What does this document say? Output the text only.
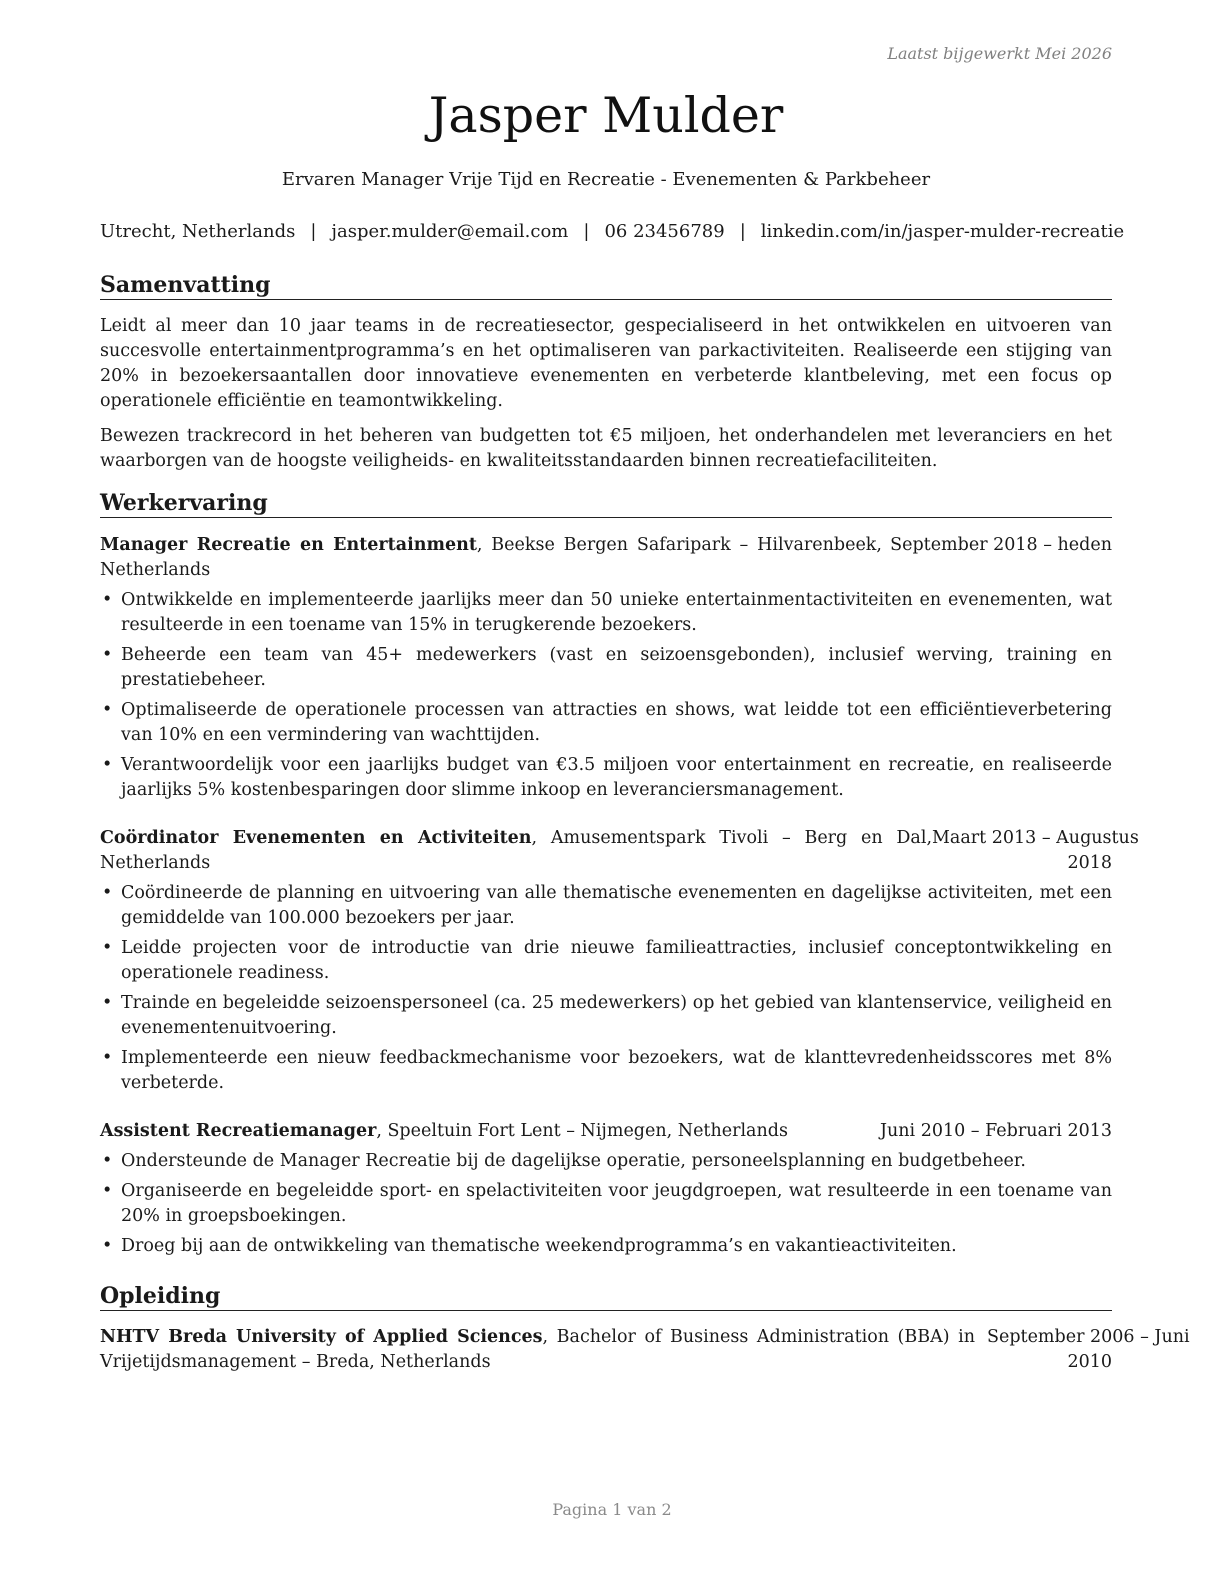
Laatst bijgewerkt Mei 2026
Jasper Mulder
Ervaren Manager Vrije Tijd en Recreatie - Evenementen & Parkbeheer
Utrecht, Netherlands | jasper.mulder@email.com | 06 23456789 | linkedin.com/in/jasper-mulder-recreatie
Samenvatting
Leidt al meer dan 10 jaar teams in de recreatiesector, gespecialiseerd in het ontwikkelen en uitvoeren van succesvolle entertainmentprogramma’s en het optimaliseren van parkactiviteiten. Realiseerde een stijging van 20% in bezoekersaantallen door innovatieve evenementen en verbeterde klantbeleving, met een focus op operationele efficiëntie en teamontwikkeling.
Bewezen trackrecord in het beheren van budgetten tot €5 miljoen, het onderhandelen met leveranciers en het waarborgen van de hoogste veiligheids- en kwaliteitsstandaarden binnen recreatiefaciliteiten.
Werkervaring
Manager Recreatie en Entertainment, Beekse Bergen Safaripark – Hilvarenbeek, Netherlands
September 2018 – heden
• Ontwikkelde en implementeerde jaarlijks meer dan 50 unieke entertainmentactiviteiten en evenementen, wat resulteerde in een toename van 15% in terugkerende bezoekers.
• Beheerde een team van 45+ medewerkers (vast en seizoensgebonden), inclusief werving, training en prestatiebeheer.
• Optimaliseerde de operationele processen van attracties en shows, wat leidde tot een efficiëntieverbetering van 10% en een vermindering van wachttijden.
• Verantwoordelijk voor een jaarlijks budget van €3.5 miljoen voor entertainment en recreatie, en realiseerde jaarlijks 5% kostenbesparingen door slimme inkoop en leveranciersmanagement.
Coördinator Evenementen en Activiteiten, Amusementspark Tivoli – Berg en Dal, Netherlands
Maart 2013 – Augustus
2018
• Coördineerde de planning en uitvoering van alle thematische evenementen en dagelijkse activiteiten, met een gemiddelde van 100.000 bezoekers per jaar.
• Leidde projecten voor de introductie van drie nieuwe familieattracties, inclusief conceptontwikkeling en operationele readiness.
• Trainde en begeleidde seizoenspersoneel (ca. 25 medewerkers) op het gebied van klantenservice, veiligheid en evenementenuitvoering.
• Implementeerde een nieuw feedbackmechanisme voor bezoekers, wat de klanttevredenheidsscores met 8% verbeterde.
Assistent Recreatiemanager, Speeltuin Fort Lent – Nijmegen, Netherlands	Juni 2010 – Februari 2013
• Ondersteunde de Manager Recreatie bij de dagelijkse operatie, personeelsplanning en budgetbeheer.
• Organiseerde en begeleidde sport- en spelactiviteiten voor jeugdgroepen, wat resulteerde in een toename van 20% in groepsboekingen.
• Droeg bij aan de ontwikkeling van thematische weekendprogramma’s en vakantieactiviteiten.
Opleiding
NHTV Breda University of Applied Sciences, Bachelor of Business Administration (BBA) in Vrijetijdsmanagement – Breda, Netherlands
September 2006 – Juni
2010
Pagina 1 van 2
